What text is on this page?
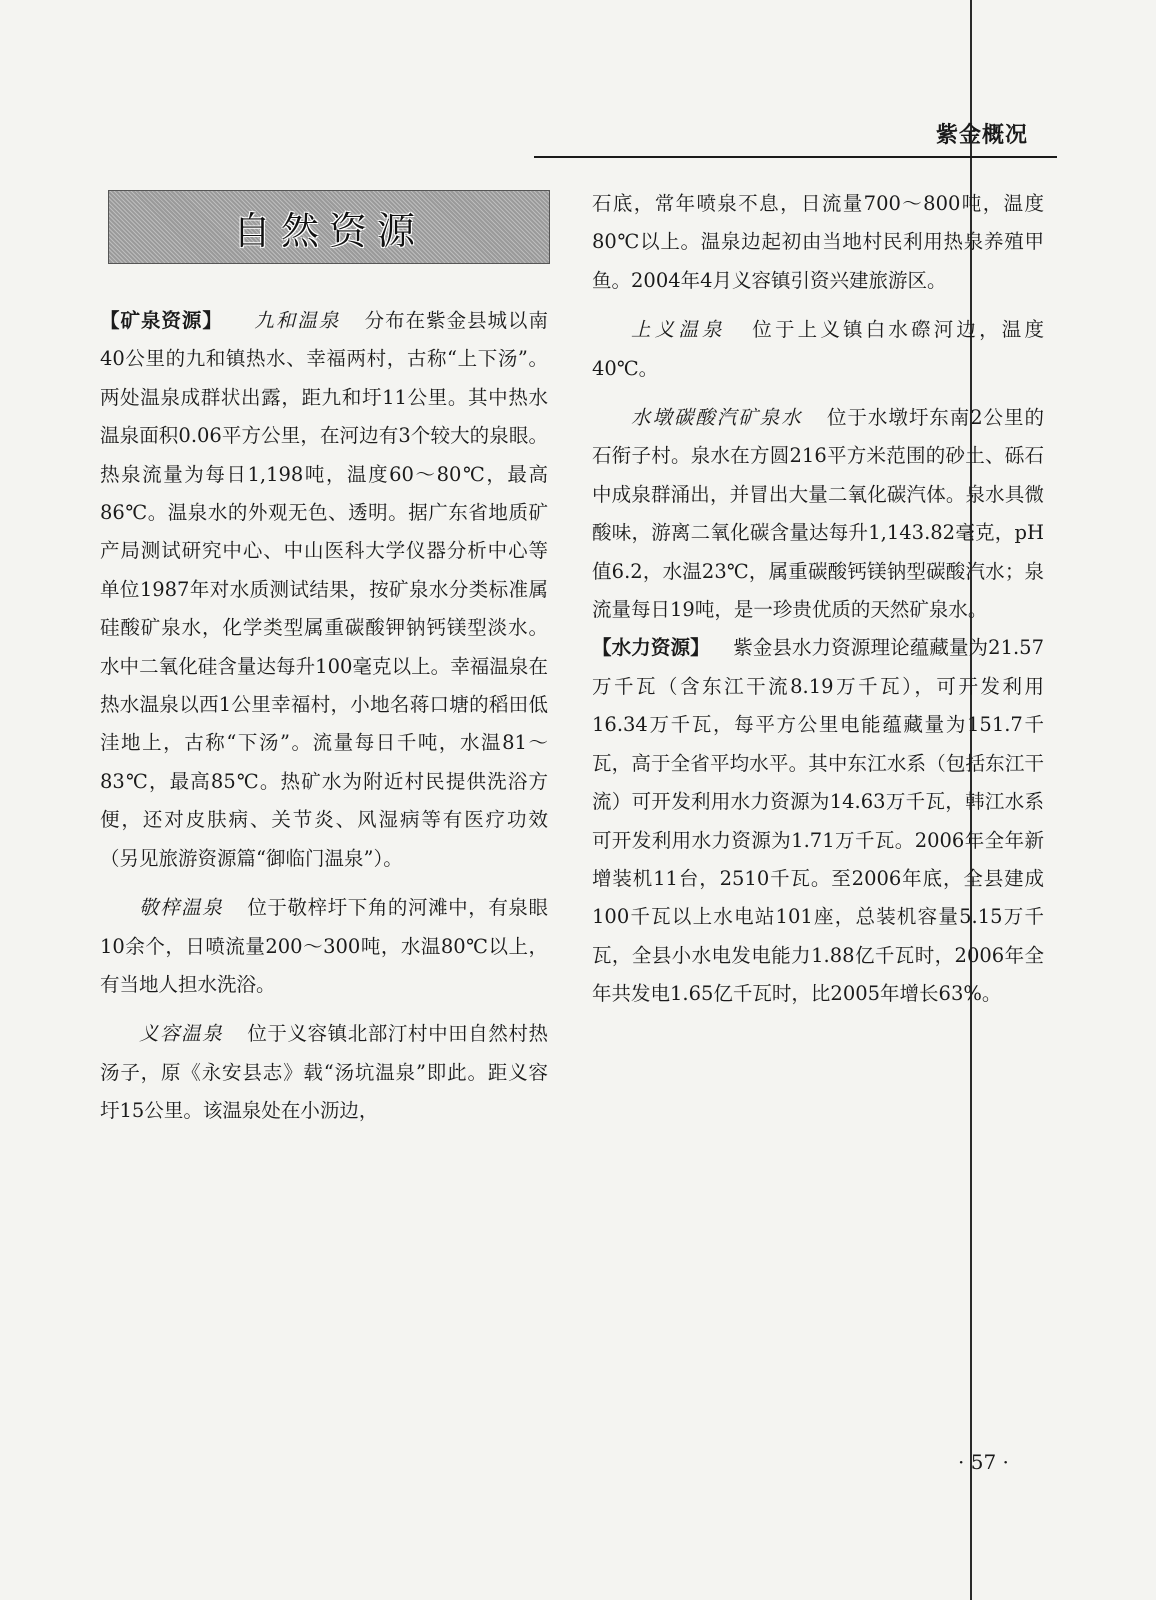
紫金概况
自然资源

【矿泉资源】 九和温泉 分布在紫金县城以南40公里的九和镇热水、幸福两村，古称“上下汤”。两处温泉成群状出露，距九和圩11公里。其中热水温泉面积0.06平方公里，在河边有3个较大的泉眼。热泉流量为每日1,198吨，温度60～80℃，最高86℃。温泉水的外观无色、透明。据广东省地质矿产局测试研究中心、中山医科大学仪器分析中心等单位1987年对水质测试结果，按矿泉水分类标准属硅酸矿泉水，化学类型属重碳酸钾钠钙镁型淡水。水中二氧化硅含量达每升100毫克以上。幸福温泉在热水温泉以西1公里幸福村，小地名蒋口塘的稻田低洼地上，古称“下汤”。流量每日千吨，水温81～83℃，最高85℃。热矿水为附近村民提供洗浴方便，还对皮肤病、关节炎、风湿病等有医疗功效（另见旅游资源篇“御临门温泉”）。

敬梓温泉 位于敬梓圩下角的河滩中，有泉眼10余个，日喷流量200～300吨，水温80℃以上，有当地人担水洗浴。

义容温泉 位于义容镇北部汀村中田自然村热汤子，原《永安县志》载“汤坑温泉”即此。距义容圩15公里。该温泉处在小沥边，

石底，常年喷泉不息，日流量700～800吨，温度80℃以上。温泉边起初由当地村民利用热泉养殖甲鱼。2004年4月义容镇引资兴建旅游区。

上义温泉 位于上义镇白水磜河边，温度40℃。

水墩碳酸汽矿泉水 位于水墩圩东南2公里的石衔子村。泉水在方圆216平方米范围的砂土、砾石中成泉群涌出，并冒出大量二氧化碳汽体。泉水具微酸味，游离二氧化碳含量达每升1,143.82毫克，pH值6.2，水温23℃，属重碳酸钙镁钠型碳酸汽水；泉流量每日19吨，是一珍贵优质的天然矿泉水。

【水力资源】 紫金县水力资源理论蕴藏量为21.57万千瓦（含东江干流8.19万千瓦），可开发利用16.34万千瓦，每平方公里电能蕴藏量为151.7千瓦，高于全省平均水平。其中东江水系（包括东江干流）可开发利用水力资源为14.63万千瓦，韩江水系可开发利用水力资源为1.71万千瓦。2006年全年新增装机11台，2510千瓦。至2006年底，全县建成100千瓦以上水电站101座，总装机容量5.15万千瓦，全县小水电发电能力1.88亿千瓦时，2006年全年共发电1.65亿千瓦时，比2005年增长63%。

· 57 ·
